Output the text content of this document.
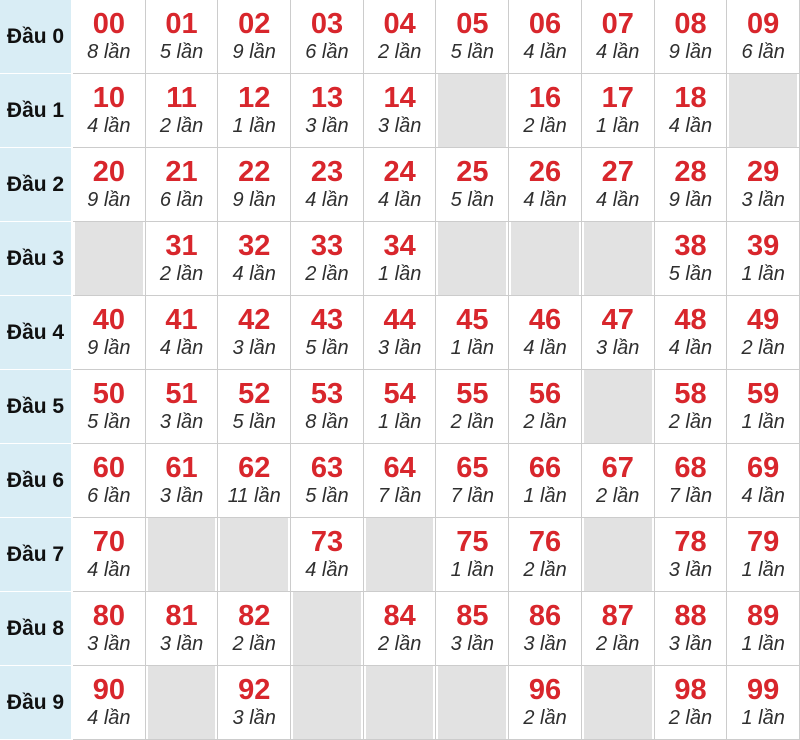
Đầu 0 00
8 lần
01
5 lần
02
9 lần
03
6 lần
04
2 lần
05
5 lần
06
4 lần
07
4 lần
08
9 lần
09
6 lần
Đầu 1 10
4 lần
11
2 lần
12
1 lần
13
3 lần
14
3 lần
16
2 lần
17
1 lần
18
4 lần
Đầu 2 20
9 lần
21
6 lần
22
9 lần
23
4 lần
24
4 lần
25
5 lần
26
4 lần
27
4 lần
28
9 lần
29
3 lần
Đầu 3	31
2 lần
32
4 lần
33
2 lần
34
1 lần
38
5 lần
39
1 lần
Đầu 4 40
9 lần
41
4 lần
42
3 lần
43
5 lần
44
3 lần
45
1 lần
46
4 lần
47
3 lần
48
4 lần
49
2 lần
Đầu 5 50
5 lần
51
3 lần
52
5 lần
53
8 lần
54
1 lần
55
2 lần
56
2 lần
58
2 lần
59
1 lần
Đầu 6 60
6 lần
61
3 lần
62
11 lần
63
5 lần
64
7 lần
65
7 lần
66
1 lần
67
2 lần
68
7 lần
69
4 lần
Đầu 7 70
4 lần
73
4 lần
75
1 lần
76
2 lần
78
3 lần
79
1 lần
Đầu 8 80
3 lần
81
3 lần
82
2 lần
84
2 lần
85
3 lần
86
3 lần
87
2 lần
88
3 lần
89
1 lần
Đầu 9 90
4 lần
92
3 lần
96
2 lần
98
2 lần
99
1 lần
